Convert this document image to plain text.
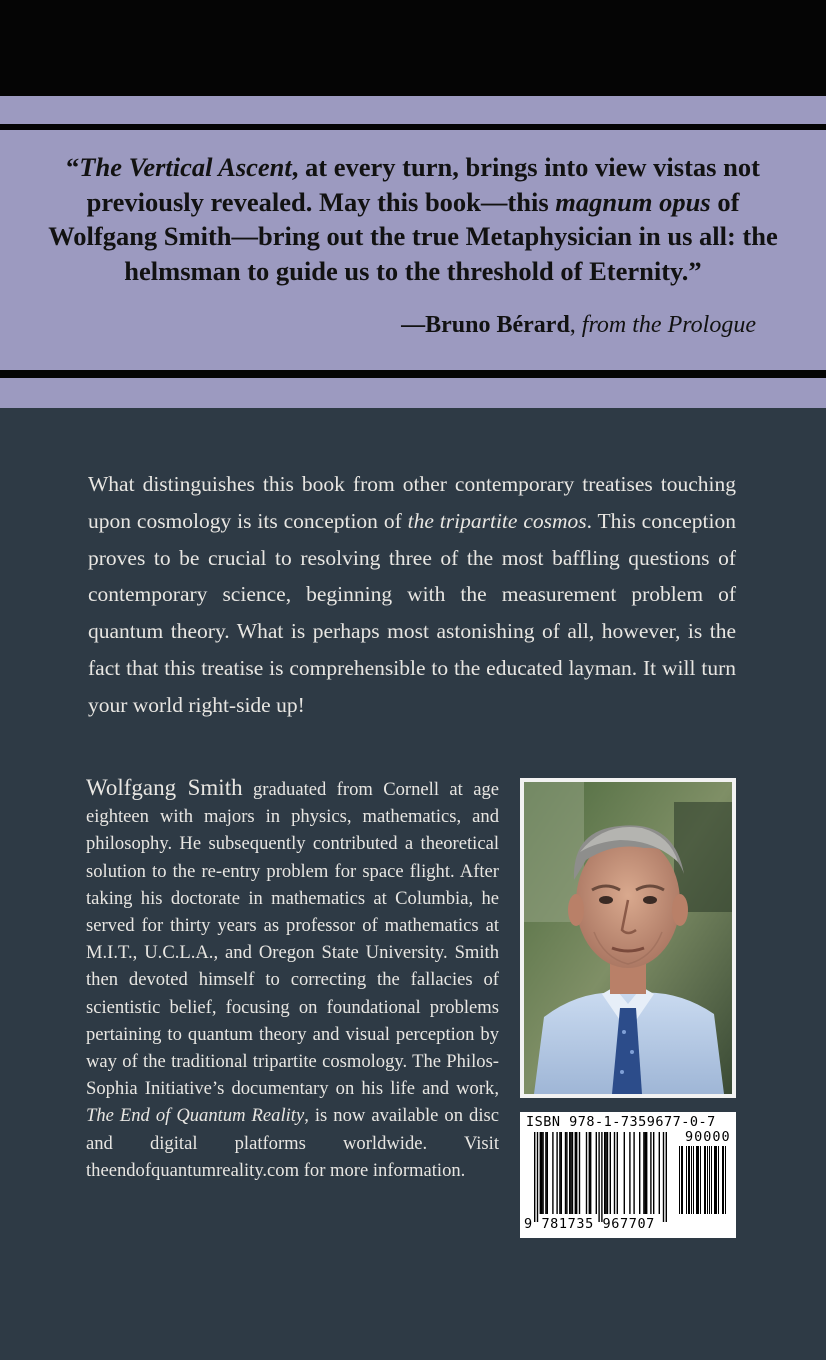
“The Vertical Ascent, at every turn, brings into view vistas not previously revealed. May this book—this magnum opus of Wolfgang Smith—bring out the true Metaphysician in us all: the helmsman to guide us to the threshold of Eternity.”

—Bruno Bérard, from the Prologue

What distinguishes this book from other contemporary treatises touching upon cosmology is its conception of the tripartite cosmos. This conception proves to be crucial to resolving three of the most baffling questions of contemporary science, beginning with the measurement problem of quantum theory. What is perhaps most astonishing of all, however, is the fact that this treatise is comprehensible to the educated layman. It will turn your world right-side up!

Wolfgang Smith graduated from Cornell at age eighteen with majors in physics, mathematics, and philosophy. He subsequently contributed a theoretical solution to the re-entry problem for space flight. After taking his doctorate in mathematics at Columbia, he served for thirty years as professor of mathematics at M.I.T., U.C.L.A., and Oregon State University. Smith then devoted himself to correcting the fallacies of scientistic belief, focusing on foundational problems pertaining to quantum theory and visual perception by way of the traditional tripartite cosmology. The Philos-Sophia Initiative’s documentary on his life and work, The End of Quantum Reality, is now available on disc and digital platforms worldwide. Visit theendofquantumreality.com for more information.

ISBN 978-1-7359677-0-7
9 781735 967707
90000
